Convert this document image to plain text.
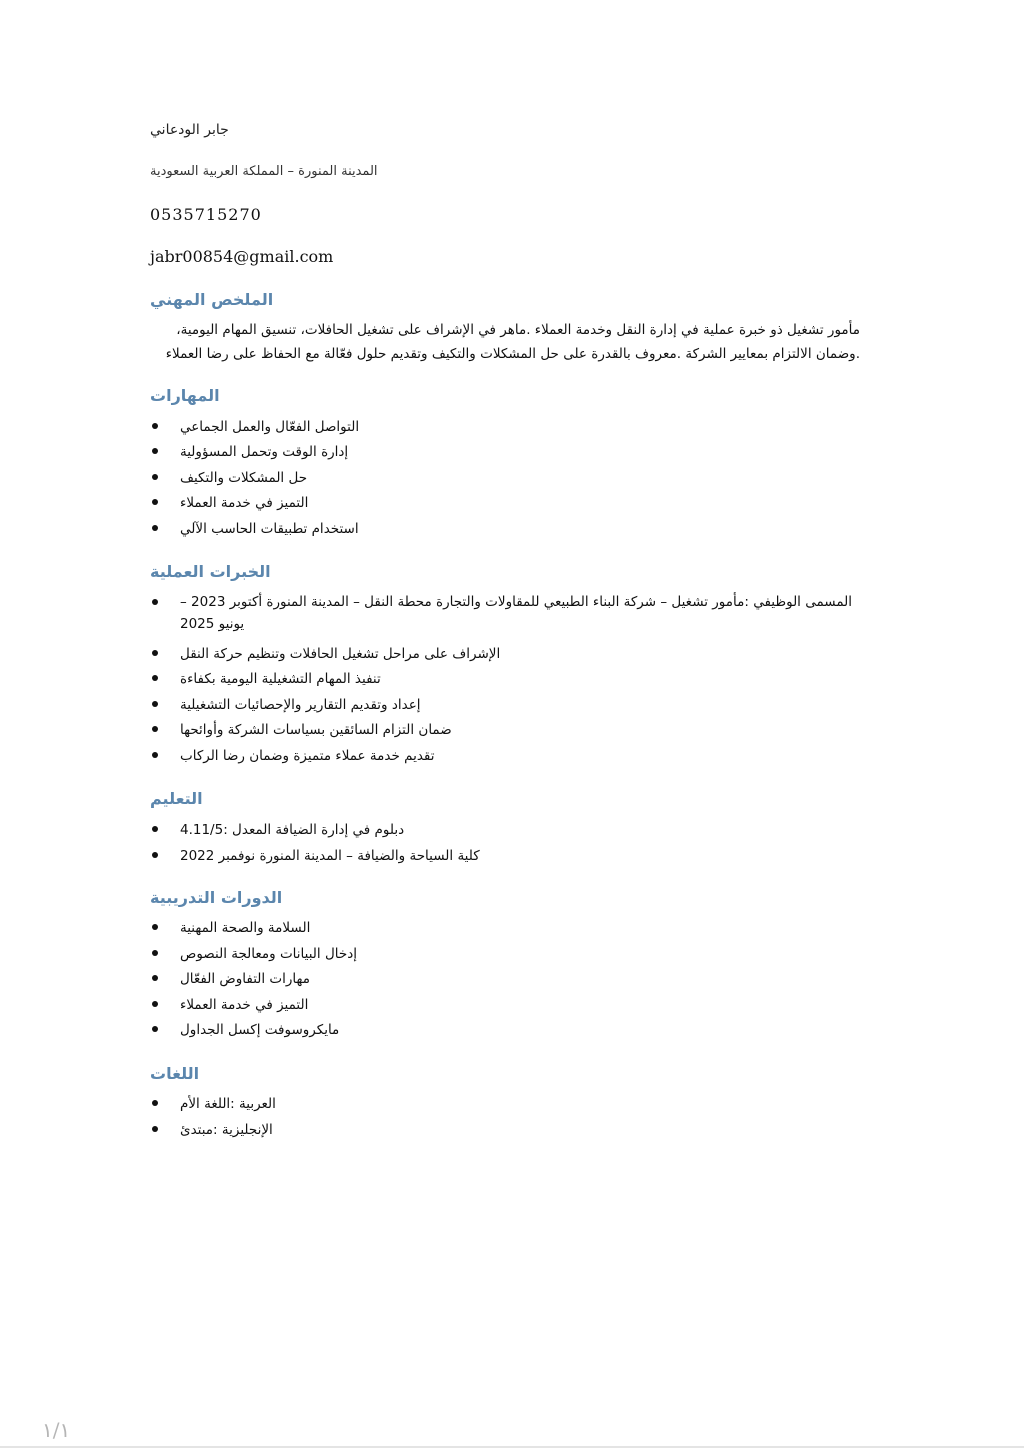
جابر الودعاني

المدينة المنورة – المملكة العربية السعودية

0535715270

jabr00854@gmail.com

الملخص المهني
مأمور تشغيل ذو خبرة عملية في إدارة النقل وخدمة العملاء .ماهر في الإشراف على تشغيل الحافلات، تنسيق المهام اليومية،
.وضمان الالتزام بمعايير الشركة .معروف بالقدرة على حل المشكلات والتكيف وتقديم حلول فعّالة مع الحفاظ على رضا العملاء
المهارات
التواصل الفعّال والعمل الجماعي
إدارة الوقت وتحمل المسؤولية
حل المشكلات والتكيف
التميز في خدمة العملاء
استخدام تطبيقات الحاسب الآلي
الخبرات العملية
المسمى الوظيفي :مأمور تشغيل – شركة البناء الطبيعي للمقاولات والتجارة محطة النقل – المدينة المنورة أكتوبر 2023 – يونيو 2025
الإشراف على مراحل تشغيل الحافلات وتنظيم حركة النقل
تنفيذ المهام التشغيلية اليومية بكفاءة
إعداد وتقديم التقارير والإحصائيات التشغيلية
ضمان التزام السائقين بسياسات الشركة وأوائحها
تقديم خدمة عملاء متميزة وضمان رضا الركاب
التعليم
دبلوم في إدارة الضيافة المعدل :4.11/5
كلية السياحة والضيافة – المدينة المنورة نوفمبر 2022
الدورات التدريبية
السلامة والصحة المهنية
إدخال البيانات ومعالجة النصوص
مهارات التفاوض الفعّال
التميز في خدمة العملاء
مايكروسوفت إكسل الجداول
اللغات
العربية :اللغة الأم
الإنجليزية :مبتدئ
١/١
